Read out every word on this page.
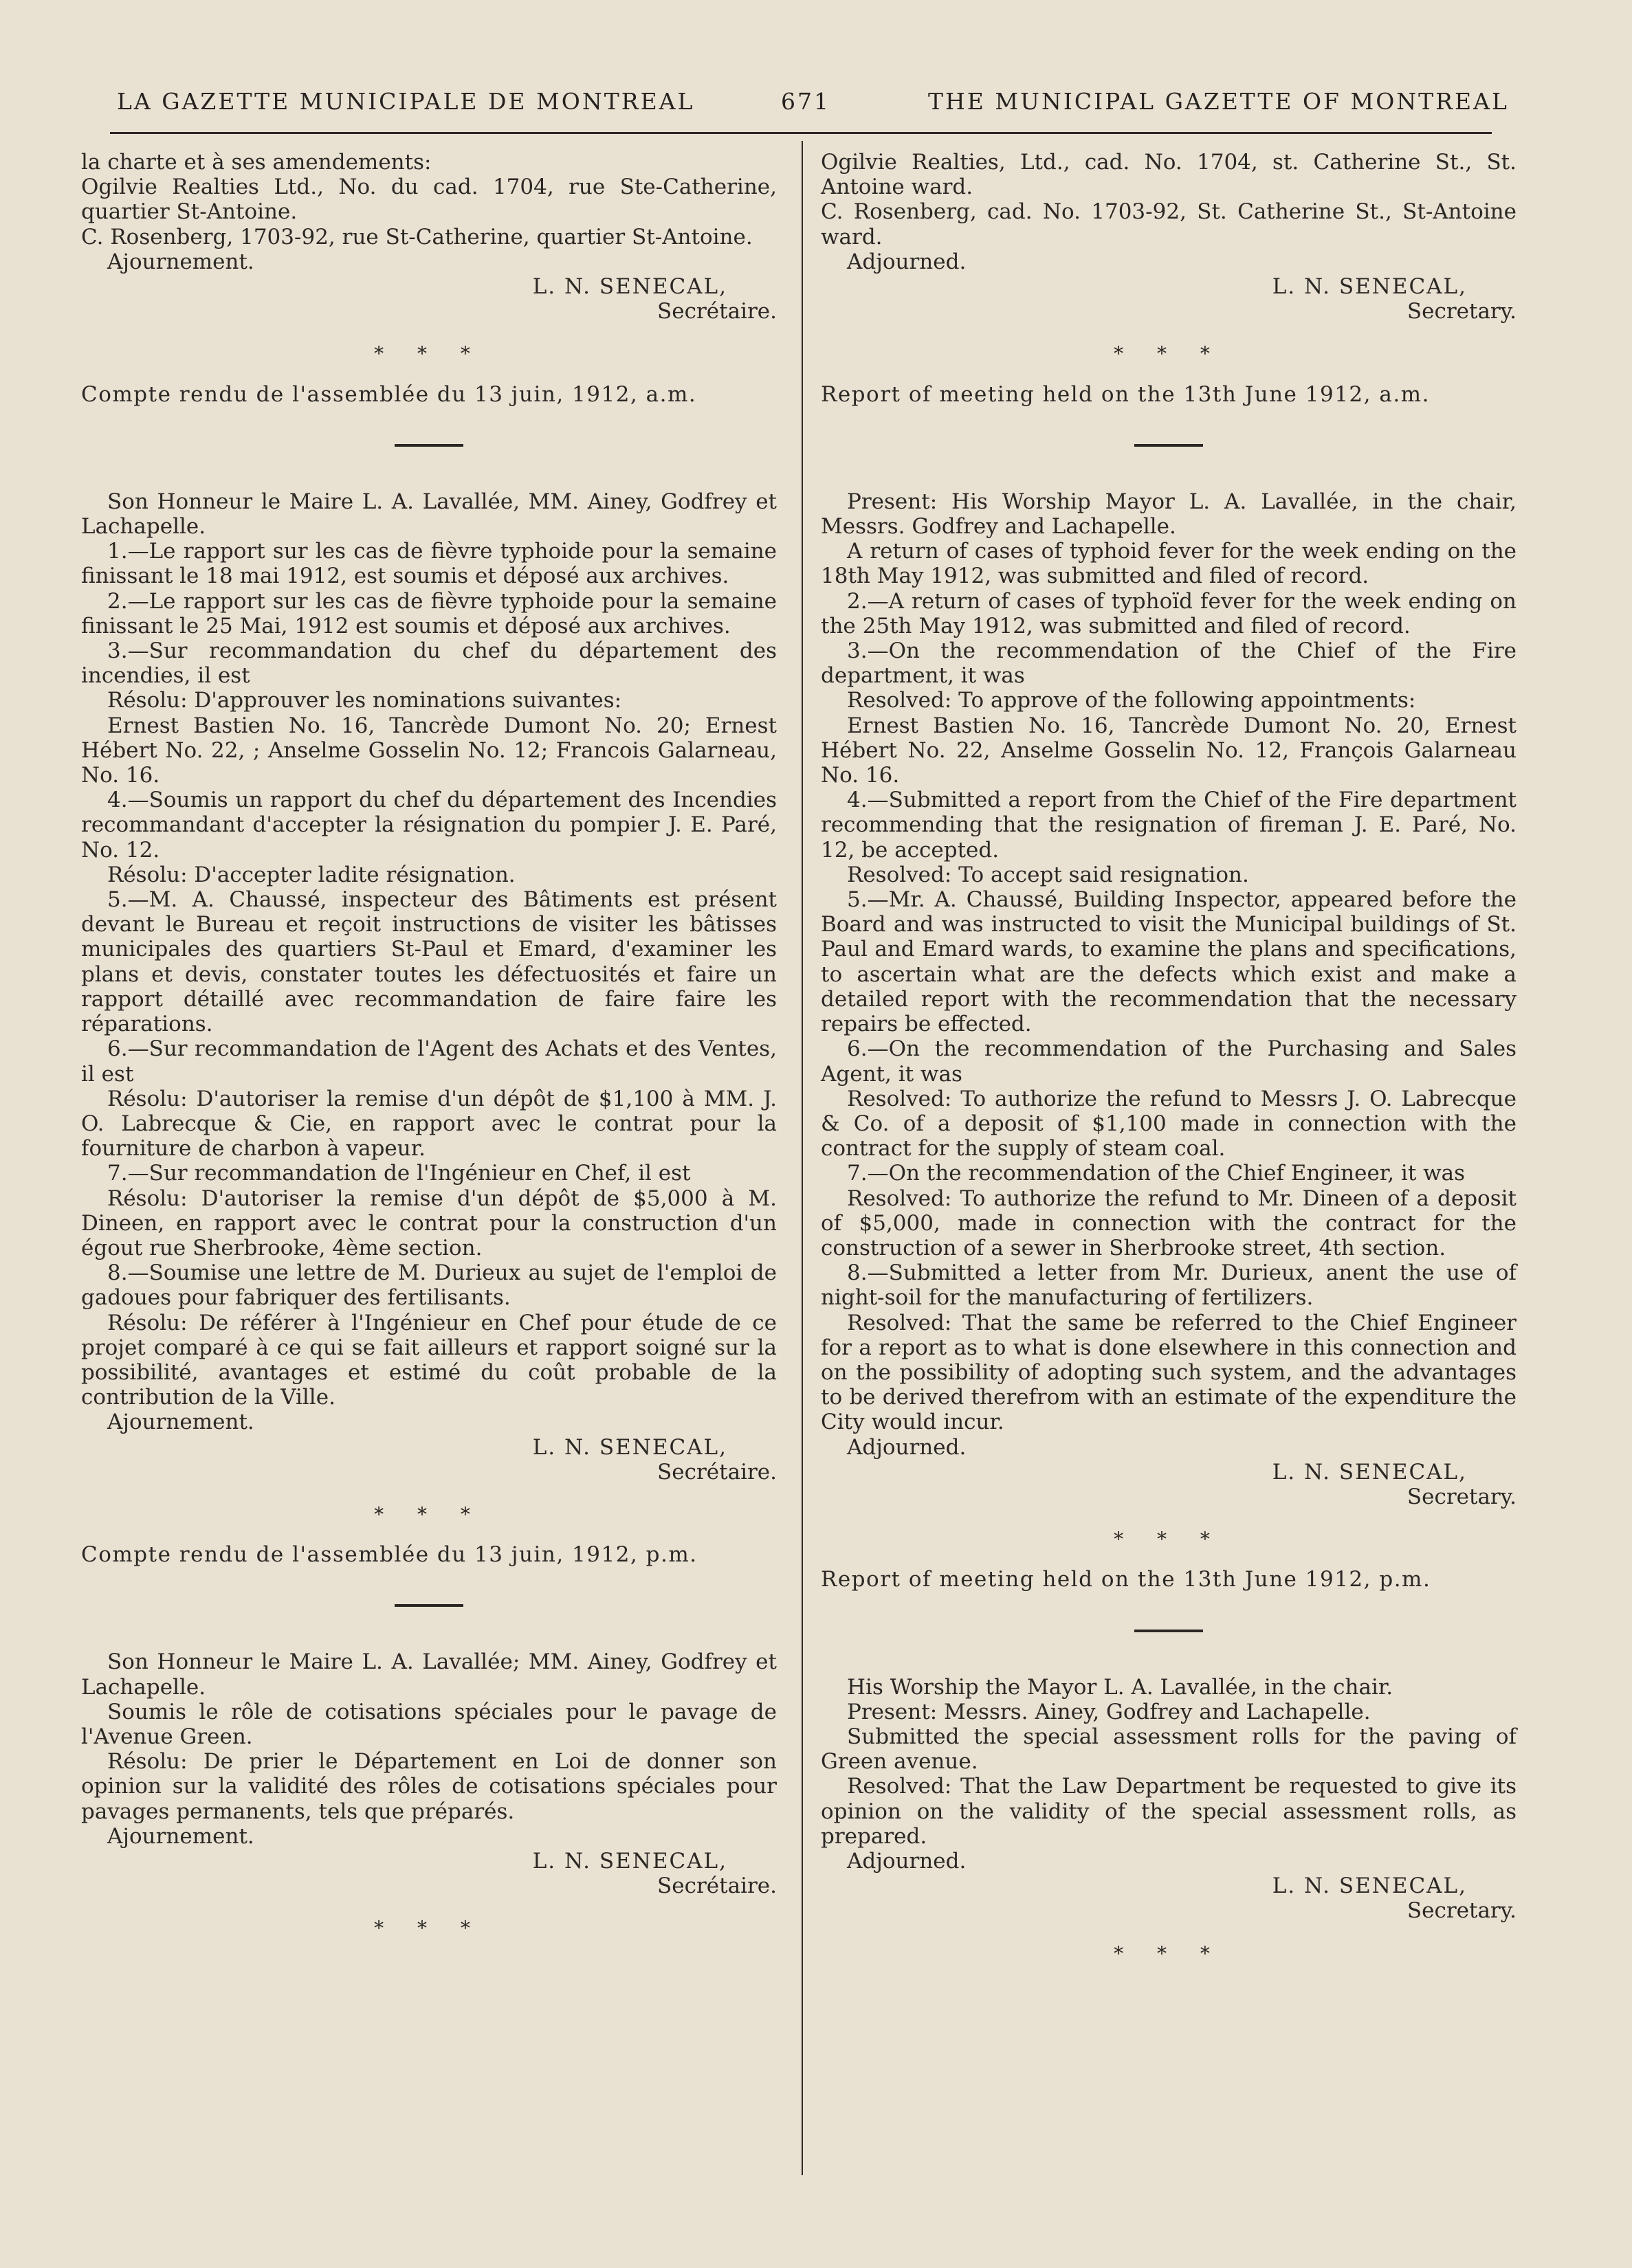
LA GAZETTE MUNICIPALE DE MONTREAL	671	THE MUNICIPAL GAZETTE OF MONTREAL

la charte et à ses amendements:

Ogilvie Realties Ltd., No. du cad. 1704, rue Ste-Catherine, quartier St-Antoine.

C. Rosenberg, 1703-92, rue St-Catherine, quartier St-Antoine.

Ajournement.

L. N. SENECAL,
Secrétaire.
* * *

Compte rendu de l'assemblée du 13 juin, 1912, a.m.

Son Honneur le Maire L. A. Lavallée, MM. Ainey, Godfrey et Lachapelle.

1.—Le rapport sur les cas de fièvre typhoide pour la semaine finissant le 18 mai 1912, est soumis et déposé aux archives.

2.—Le rapport sur les cas de fièvre typhoide pour la semaine finissant le 25 Mai, 1912 est soumis et déposé aux archives.

3.—Sur recommandation du chef du département des incendies, il est

Résolu: D'approuver les nominations suivantes:

Ernest Bastien No. 16, Tancrède Dumont No. 20; Ernest Hébert No. 22, ; Anselme Gosselin No. 12; Francois Galarneau, No. 16.

4.—Soumis un rapport du chef du département des Incendies recommandant d'accepter la résignation du pompier J. E. Paré, No. 12.

Résolu: D'accepter ladite résignation.

5.—M. A. Chaussé, inspecteur des Bâtiments est présent devant le Bureau et reçoit instructions de visiter les bâtisses municipales des quartiers St-Paul et Emard, d'examiner les plans et devis, constater toutes les défectuosités et faire un rapport détaillé avec recommandation de faire faire les réparations.

6.—Sur recommandation de l'Agent des Achats et des Ventes, il est

Résolu: D'autoriser la remise d'un dépôt de $1,100 à MM. J. O. Labrecque & Cie, en rapport avec le contrat pour la fourniture de charbon à vapeur.

7.—Sur recommandation de l'Ingénieur en Chef, il est

Résolu: D'autoriser la remise d'un dépôt de $5,000 à M. Dineen, en rapport avec le contrat pour la construction d'un égout rue Sherbrooke, 4ème section.

8.—Soumise une lettre de M. Durieux au sujet de l'emploi de gadoues pour fabriquer des fertilisants.

Résolu: De référer à l'Ingénieur en Chef pour étude de ce projet comparé à ce qui se fait ailleurs et rapport soigné sur la possibilité, avantages et estimé du coût probable de la contribution de la Ville.

Ajournement.

L. N. SENECAL,
Secrétaire.
* * *

Compte rendu de l'assemblée du 13 juin, 1912, p.m.

Son Honneur le Maire L. A. Lavallée; MM. Ainey, Godfrey et Lachapelle.

Soumis le rôle de cotisations spéciales pour le pavage de l'Avenue Green.

Résolu: De prier le Département en Loi de donner son opinion sur la validité des rôles de cotisations spéciales pour pavages permanents, tels que préparés.

Ajournement.

L. N. SENECAL,
Secrétaire.
* * *

Ogilvie Realties, Ltd., cad. No. 1704, st. Catherine St., St. Antoine ward.

C. Rosenberg, cad. No. 1703-92, St. Catherine St., St-Antoine ward.

Adjourned.

L. N. SENECAL,
Secretary.
* * *

Report of meeting held on the 13th June 1912, a.m.

Present: His Worship Mayor L. A. Lavallée, in the chair, Messrs. Godfrey and Lachapelle.

A return of cases of typhoid fever for the week ending on the 18th May 1912, was submitted and filed of record.

2.—A return of cases of typhoïd fever for the week ending on the 25th May 1912, was submitted and filed of record.

3.—On the recommendation of the Chief of the Fire department, it was

Resolved: To approve of the following appointments:

Ernest Bastien No. 16, Tancrède Dumont No. 20, Ernest Hébert No. 22, Anselme Gosselin No. 12, François Galarneau No. 16.

4.—Submitted a report from the Chief of the Fire department recommending that the resignation of fireman J. E. Paré, No. 12, be accepted.

Resolved: To accept said resignation.

5.—Mr. A. Chaussé, Building Inspector, appeared before the Board and was instructed to visit the Municipal buildings of St. Paul and Emard wards, to examine the plans and specifications, to ascertain what are the defects which exist and make a detailed report with the recommendation that the necessary repairs be effected.

6.—On the recommendation of the Purchasing and Sales Agent, it was

Resolved: To authorize the refund to Messrs J. O. Labrecque & Co. of a deposit of $1,100 made in connection with the contract for the supply of steam coal.

7.—On the recommendation of the Chief Engineer, it was

Resolved: To authorize the refund to Mr. Dineen of a deposit of $5,000, made in connection with the contract for the construction of a sewer in Sherbrooke street, 4th section.

8.—Submitted a letter from Mr. Durieux, anent the use of night-soil for the manufacturing of fertilizers.

Resolved: That the same be referred to the Chief Engineer for a report as to what is done elsewhere in this connection and on the possibility of adopting such system, and the advantages to be derived therefrom with an estimate of the expenditure the City would incur.

Adjourned.

L. N. SENECAL,
Secretary.
* * *

Report of meeting held on the 13th June 1912, p.m.

His Worship the Mayor L. A. Lavallée, in the chair.

Present: Messrs. Ainey, Godfrey and Lachapelle.

Submitted the special assessment rolls for the paving of Green avenue.

Resolved: That the Law Department be requested to give its opinion on the validity of the special assessment rolls, as prepared.

Adjourned.

L. N. SENECAL,
Secretary.
* * *
